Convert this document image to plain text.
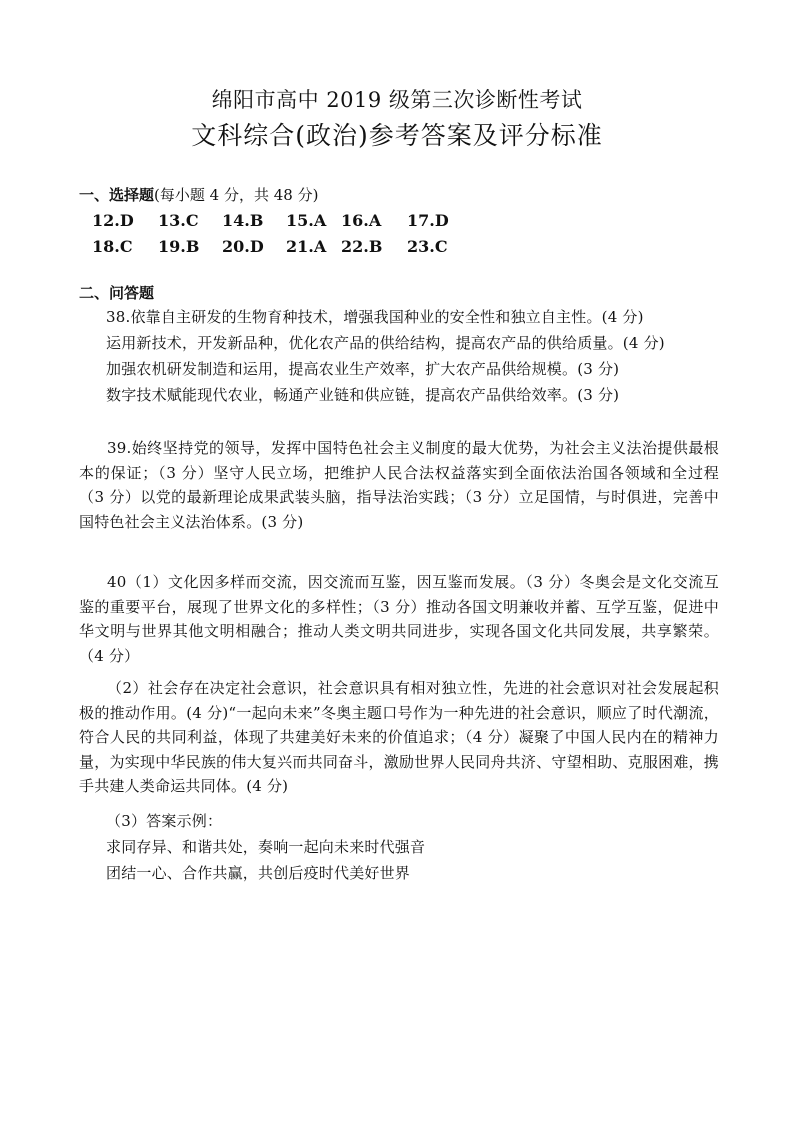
绵阳市高中 2019 级第三次诊断性考试
文科综合(政治)参考答案及评分标准
一、选择题(每小题 4 分，共 48 分)
12.D 13.C 14.B 15.A 16.A 17.D
18.C 19.B 20.D 21.A 22.B 23.C
二、问答题
38.依靠自主研发的生物育种技术，增强我国种业的安全性和独立自主性。(4 分)
运用新技术，开发新品种，优化农产品的供给结构，提高农产品的供给质量。(4 分)
加强农机研发制造和运用，提高农业生产效率，扩大农产品供给规模。(3 分)
数字技术赋能现代农业，畅通产业链和供应链，提高农产品供给效率。(3 分)
39.始终坚持党的领导，发挥中国特色社会主义制度的最大优势，为社会主义法治提供最根本的保证；（3 分）坚守人民立场，把维护人民合法权益落实到全面依法治国各领域和全过程 （3 分）以党的最新理论成果武装头脑，指导法治实践；（3 分）立足国情，与时俱进，完善中国特色社会主义法治体系。(3 分)
40（1）文化因多样而交流，因交流而互鉴，因互鉴而发展。（3 分）冬奥会是文化交流互鉴的重要平台，展现了世界文化的多样性；（3 分）推动各国文明兼收并蓄、互学互鉴，促进中华文明与世界其他文明相融合；推动人类文明共同进步，实现各国文化共同发展，共享繁荣。（4 分）
（2）社会存在决定社会意识，社会意识具有相对独立性，先进的社会意识对社会发展起积极的推动作用。(4 分)“一起向未来”冬奥主题口号作为一种先进的社会意识，顺应了时代潮流，符合人民的共同利益，体现了共建美好未来的价值追求；（4 分）凝聚了中国人民内在的精神力量，为实现中华民族的伟大复兴而共同奋斗，激励世界人民同舟共济、守望相助、克服困难，携手共建人类命运共同体。(4 分)
（3）答案示例：
求同存异、和谐共处，奏响一起向未来时代强音
团结一心、合作共赢，共创后疫时代美好世界
